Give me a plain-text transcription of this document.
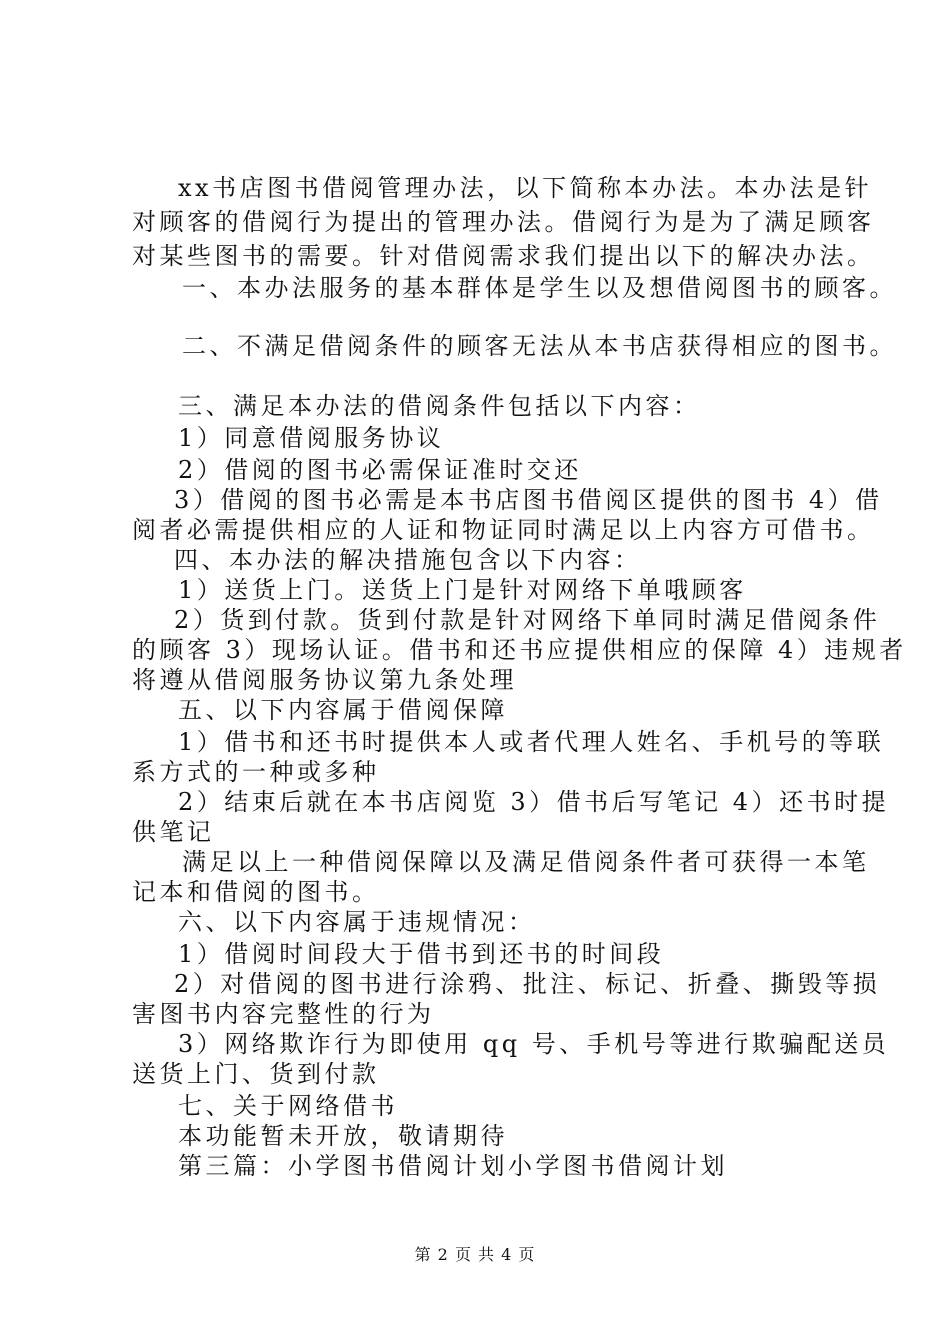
xx书店图书借阅管理办法，以下简称本办法。本办法是针
对顾客的借阅行为提出的管理办法。借阅行为是为了满足顾客
对某些图书的需要。针对借阅需求我们提出以下的解决办法。
一、本办法服务的基本群体是学生以及想借阅图书的顾客。
二、不满足借阅条件的顾客无法从本书店获得相应的图书。
三、满足本办法的借阅条件包括以下内容：
1）同意借阅服务协议
2）借阅的图书必需保证准时交还
3）借阅的图书必需是本书店图书借阅区提供的图书 4）借
阅者必需提供相应的人证和物证同时满足以上内容方可借书。
四、本办法的解决措施包含以下内容：
1）送货上门。送货上门是针对网络下单哦顾客
2）货到付款。货到付款是针对网络下单同时满足借阅条件
的顾客 3）现场认证。借书和还书应提供相应的保障 4）违规者
将遵从借阅服务协议第九条处理
五、以下内容属于借阅保障
1）借书和还书时提供本人或者代理人姓名、手机号的等联
系方式的一种或多种
2）结束后就在本书店阅览 3）借书后写笔记 4）还书时提
供笔记
满足以上一种借阅保障以及满足借阅条件者可获得一本笔
记本和借阅的图书。
六、以下内容属于违规情况：
1）借阅时间段大于借书到还书的时间段
2）对借阅的图书进行涂鸦、批注、标记、折叠、撕毁等损
害图书内容完整性的行为
3）网络欺诈行为即使用 qq 号、手机号等进行欺骗配送员
送货上门、货到付款
七、关于网络借书
本功能暂未开放，敬请期待
第三篇：小学图书借阅计划小学图书借阅计划
第 2 页 共 4 页
